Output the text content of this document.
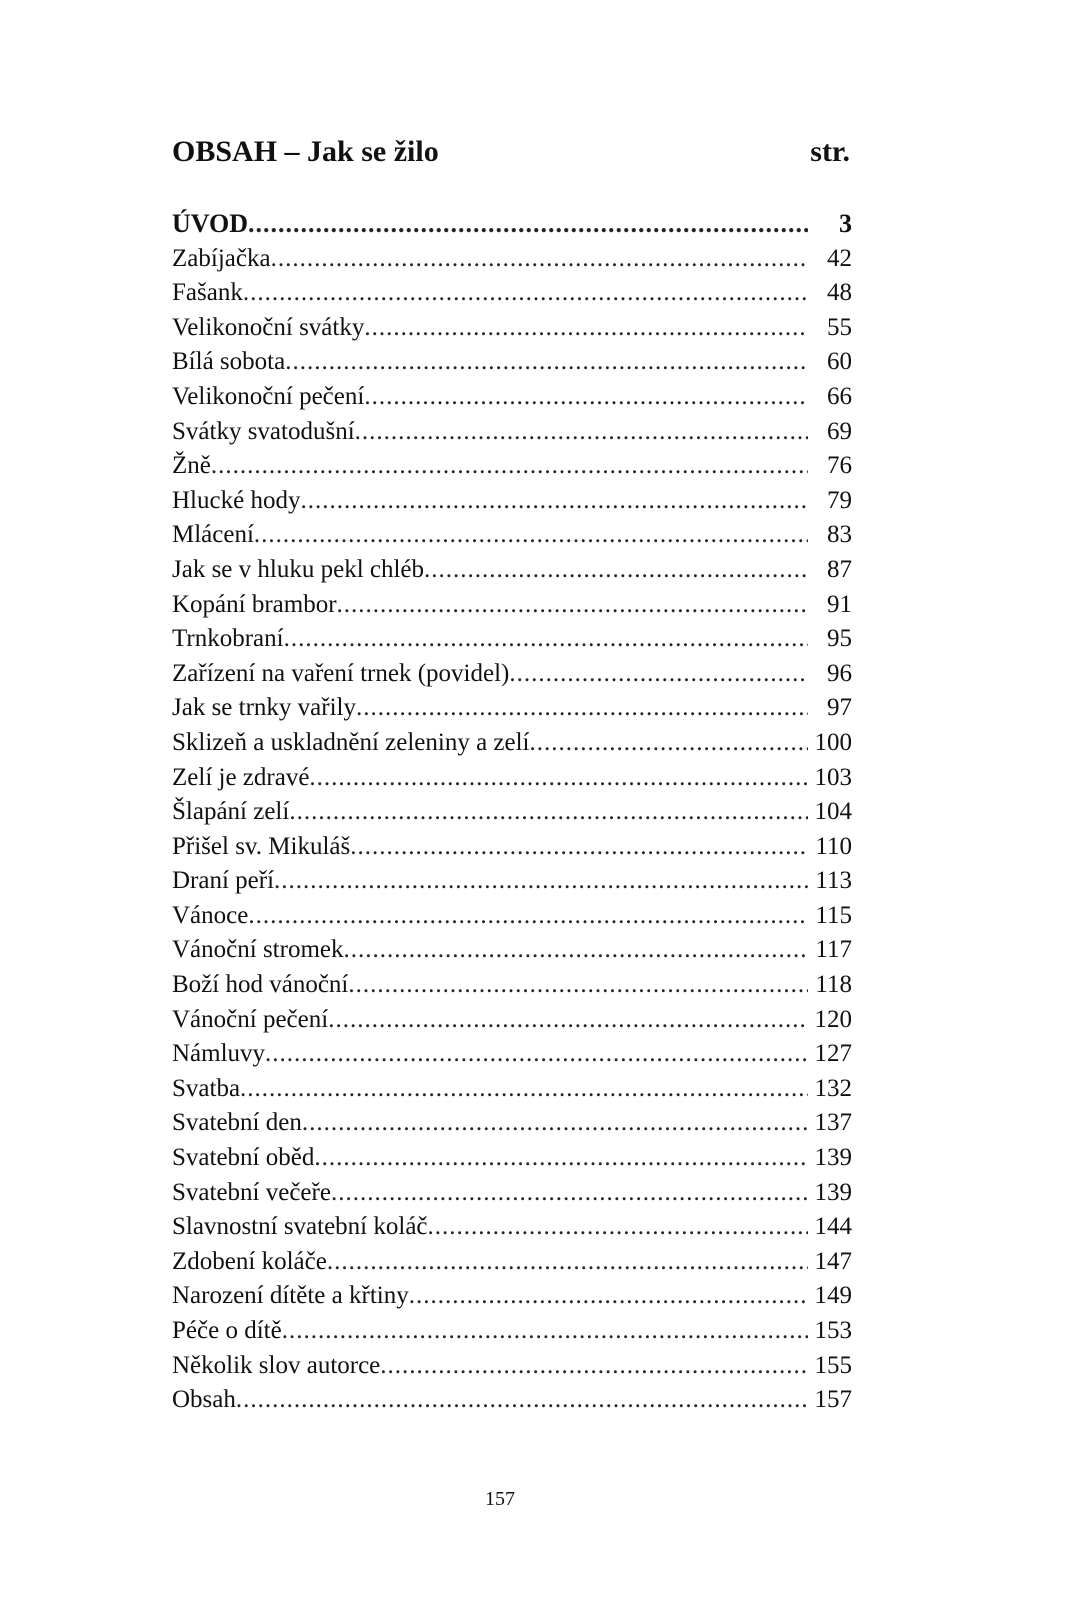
OBSAH – Jak se žilo	str.
ÚVOD .....	3
Zabíjačka .....	42
Fašank .....	48
Velikonoční svátky .....	55
Bílá sobota .....	60
Velikonoční pečení .....	66
Svátky svatodušní .....	69
Žně .....	76
Hlucké hody .....	79
Mlácení .....	83
Jak se v hluku pekl chléb .....	87
Kopání brambor .....	91
Trnkobraní .....	95
Zařízení na vaření trnek (povidel) .....	96
Jak se trnky vařily .....	97
Sklizeň a uskladnění zeleniny a zelí .....	100
Zelí je zdravé .....	103
Šlapání zelí .....	104
Přišel sv. Mikuláš .....	110
Draní peří .....	113
Vánoce .....	115
Vánoční stromek .....	117
Boží hod vánoční .....	118
Vánoční pečení .....	120
Námluvy .....	127
Svatba .....	132
Svatební den .....	137
Svatební oběd .....	139
Svatební večeře .....	139
Slavnostní svatební koláč .....	144
Zdobení koláče .....	147
Narození dítěte a křtiny .....	149
Péče o dítě .....	153
Několik slov autorce .....	155
Obsah .....	157
157
